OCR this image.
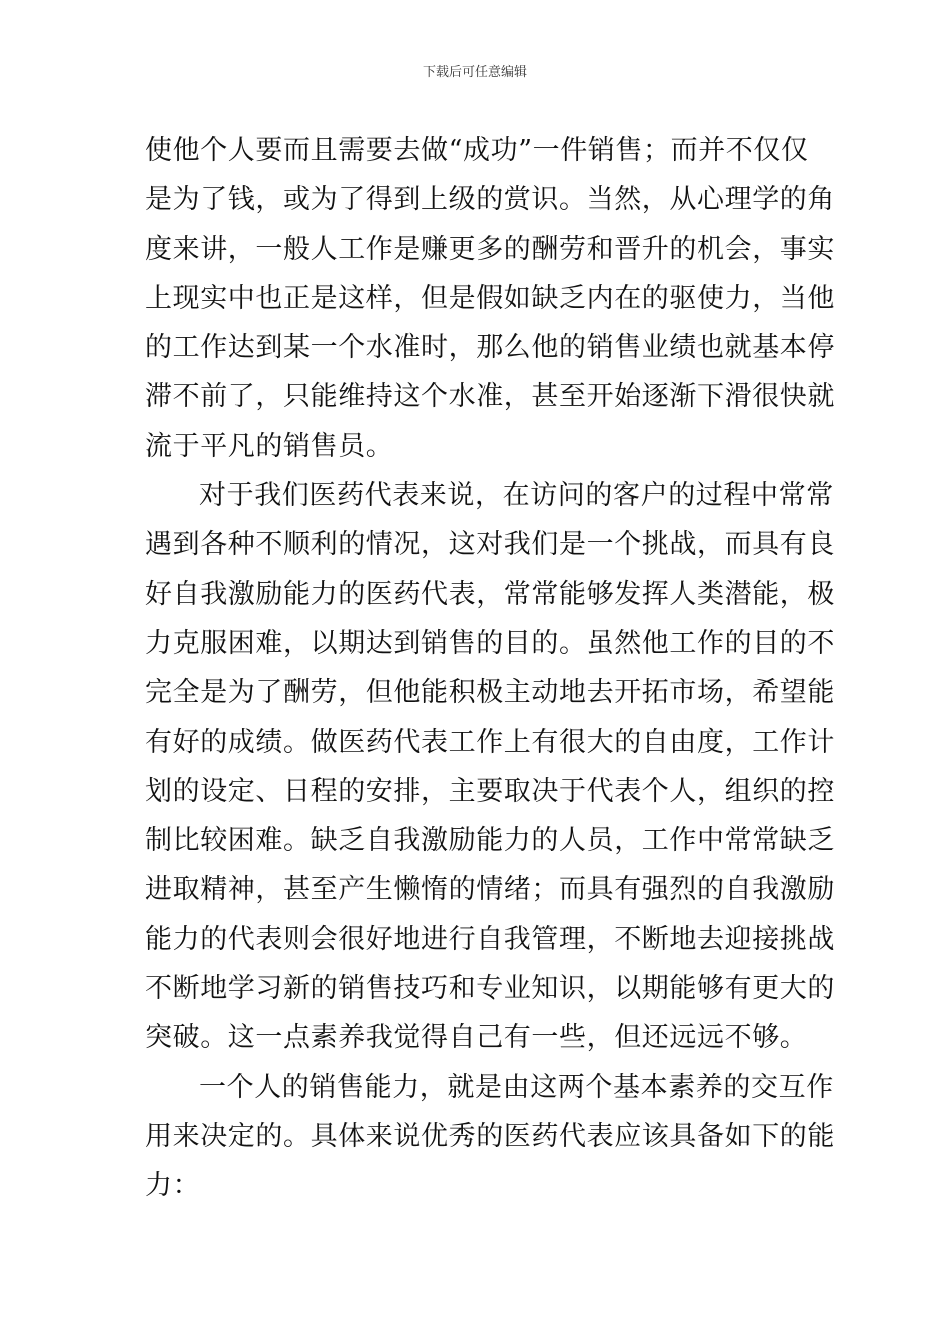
下载后可任意编辑
使他个人要而且需要去做“成功”一件销售；而并不仅仅
是为了钱，或为了得到上级的赏识。当然，从心理学的角
度来讲，一般人工作是赚更多的酬劳和晋升的机会，事实
上现实中也正是这样，但是假如缺乏内在的驱使力，当他
的工作达到某一个水准时，那么他的销售业绩也就基本停
滞不前了，只能维持这个水准，甚至开始逐渐下滑很快就
流于平凡的销售员。
对于我们医药代表来说，在访问的客户的过程中常常
遇到各种不顺利的情况，这对我们是一个挑战，而具有良
好自我激励能力的医药代表，常常能够发挥人类潜能，极
力克服困难，以期达到销售的目的。虽然他工作的目的不
完全是为了酬劳，但他能积极主动地去开拓市场，希望能
有好的成绩。做医药代表工作上有很大的自由度，工作计
划的设定、日程的安排，主要取决于代表个人，组织的控
制比较困难。缺乏自我激励能力的人员，工作中常常缺乏
进取精神，甚至产生懒惰的情绪；而具有强烈的自我激励
能力的代表则会很好地进行自我管理，不断地去迎接挑战
不断地学习新的销售技巧和专业知识，以期能够有更大的
突破。这一点素养我觉得自己有一些，但还远远不够。
一个人的销售能力，就是由这两个基本素养的交互作
用来决定的。具体来说优秀的医药代表应该具备如下的能
力：
